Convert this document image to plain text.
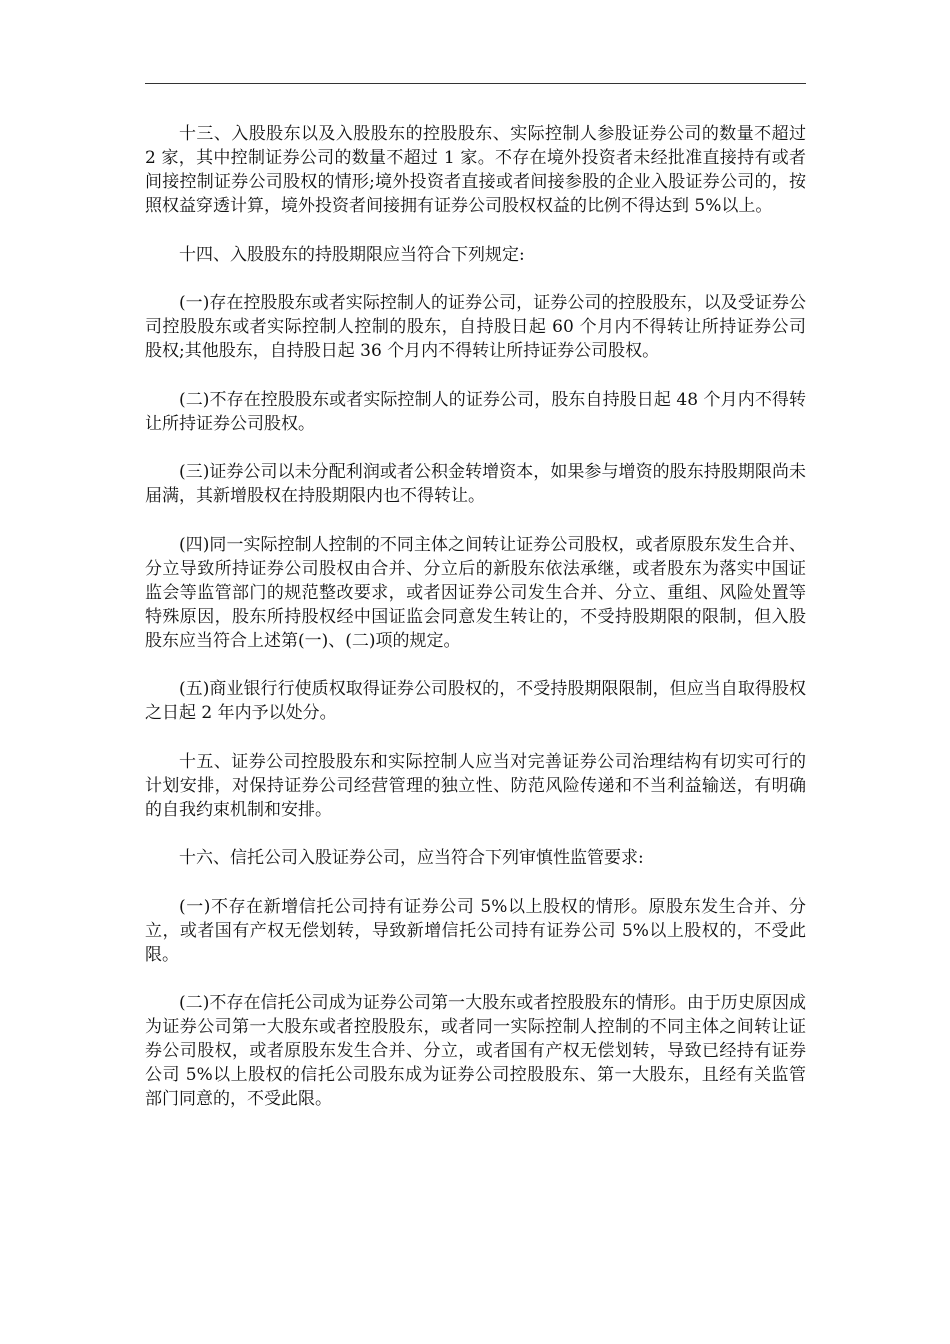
十三、入股股东以及入股股东的控股股东、实际控制人参股证券公司的数量不超过 2 家，其中控制证券公司的数量不超过 1 家。不存在境外投资者未经批准直接持有或者间接控制证券公司股权的情形;境外投资者直接或者间接参股的企业入股证券公司的，按照权益穿透计算，境外投资者间接拥有证券公司股权权益的比例不得达到 5%以上。

十四、入股股东的持股期限应当符合下列规定:

(一)存在控股股东或者实际控制人的证券公司，证券公司的控股股东，以及受证券公司控股股东或者实际控制人控制的股东，自持股日起 60 个月内不得转让所持证券公司股权;其他股东，自持股日起 36 个月内不得转让所持证券公司股权。

(二)不存在控股股东或者实际控制人的证券公司，股东自持股日起 48 个月内不得转让所持证券公司股权。

(三)证券公司以未分配利润或者公积金转增资本，如果参与增资的股东持股期限尚未届满，其新增股权在持股期限内也不得转让。

(四)同一实际控制人控制的不同主体之间转让证券公司股权，或者原股东发生合并、分立导致所持证券公司股权由合并、分立后的新股东依法承继，或者股东为落实中国证监会等监管部门的规范整改要求，或者因证券公司发生合并、分立、重组、风险处置等特殊原因，股东所持股权经中国证监会同意发生转让的，不受持股期限的限制，但入股股东应当符合上述第(一)、(二)项的规定。

(五)商业银行行使质权取得证券公司股权的，不受持股期限限制，但应当自取得股权之日起 2 年内予以处分。

十五、证券公司控股股东和实际控制人应当对完善证券公司治理结构有切实可行的计划安排，对保持证券公司经营管理的独立性、防范风险传递和不当利益输送，有明确的自我约束机制和安排。

十六、信托公司入股证券公司，应当符合下列审慎性监管要求:

(一)不存在新增信托公司持有证券公司 5%以上股权的情形。原股东发生合并、分立，或者国有产权无偿划转，导致新增信托公司持有证券公司 5%以上股权的，不受此限。

(二)不存在信托公司成为证券公司第一大股东或者控股股东的情形。由于历史原因成为证券公司第一大股东或者控股股东，或者同一实际控制人控制的不同主体之间转让证券公司股权，或者原股东发生合并、分立，或者国有产权无偿划转，导致已经持有证券公司 5%以上股权的信托公司股东成为证券公司控股股东、第一大股东，且经有关监管部门同意的，不受此限。
